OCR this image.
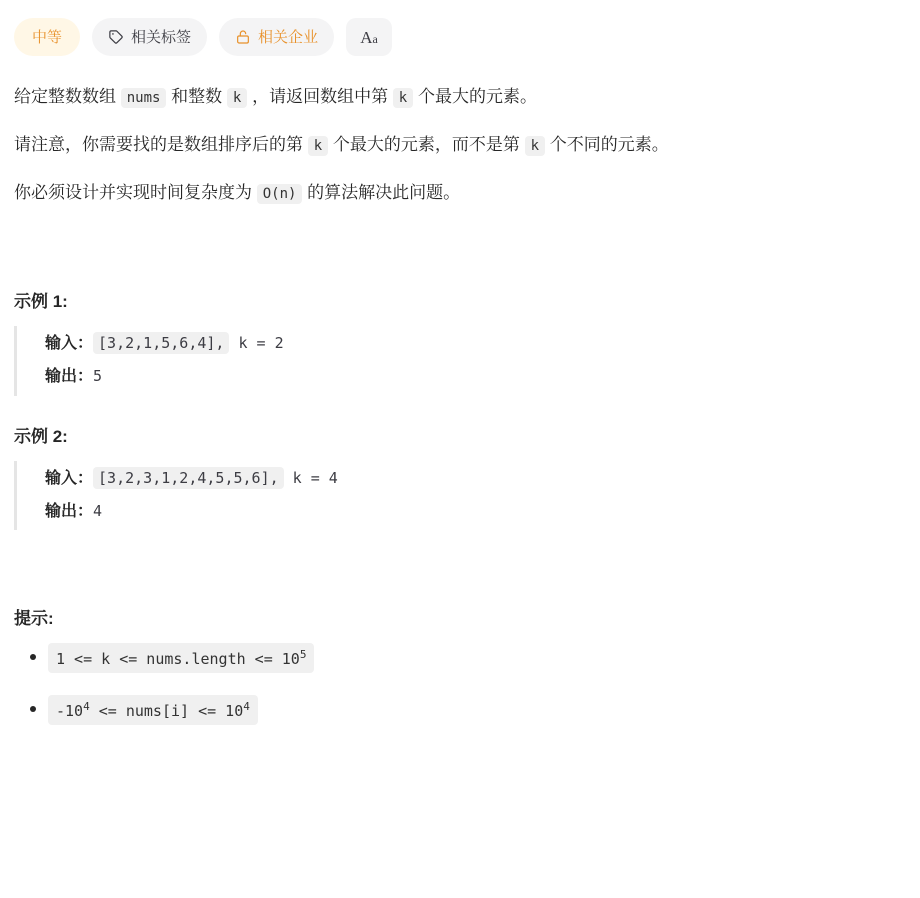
中等	相关标签	相关企业 Aa

给定整数数组 nums 和整数 k ，请返回数组中第 k 个最大的元素。

请注意，你需要找的是数组排序后的第 k 个最大的元素，而不是第 k 个不同的元素。

你必须设计并实现时间复杂度为 O(n) 的算法解决此问题。

示例 1:
输入： [3,2,1,5,6,4], k = 2
输出：5
示例 2:
输入： [3,2,3,1,2,4,5,5,6], k = 4
输出：4
提示:
1 <= k <= nums.length <= $10^5$
$-10^4$ <= nums[i] <= $10^4$
